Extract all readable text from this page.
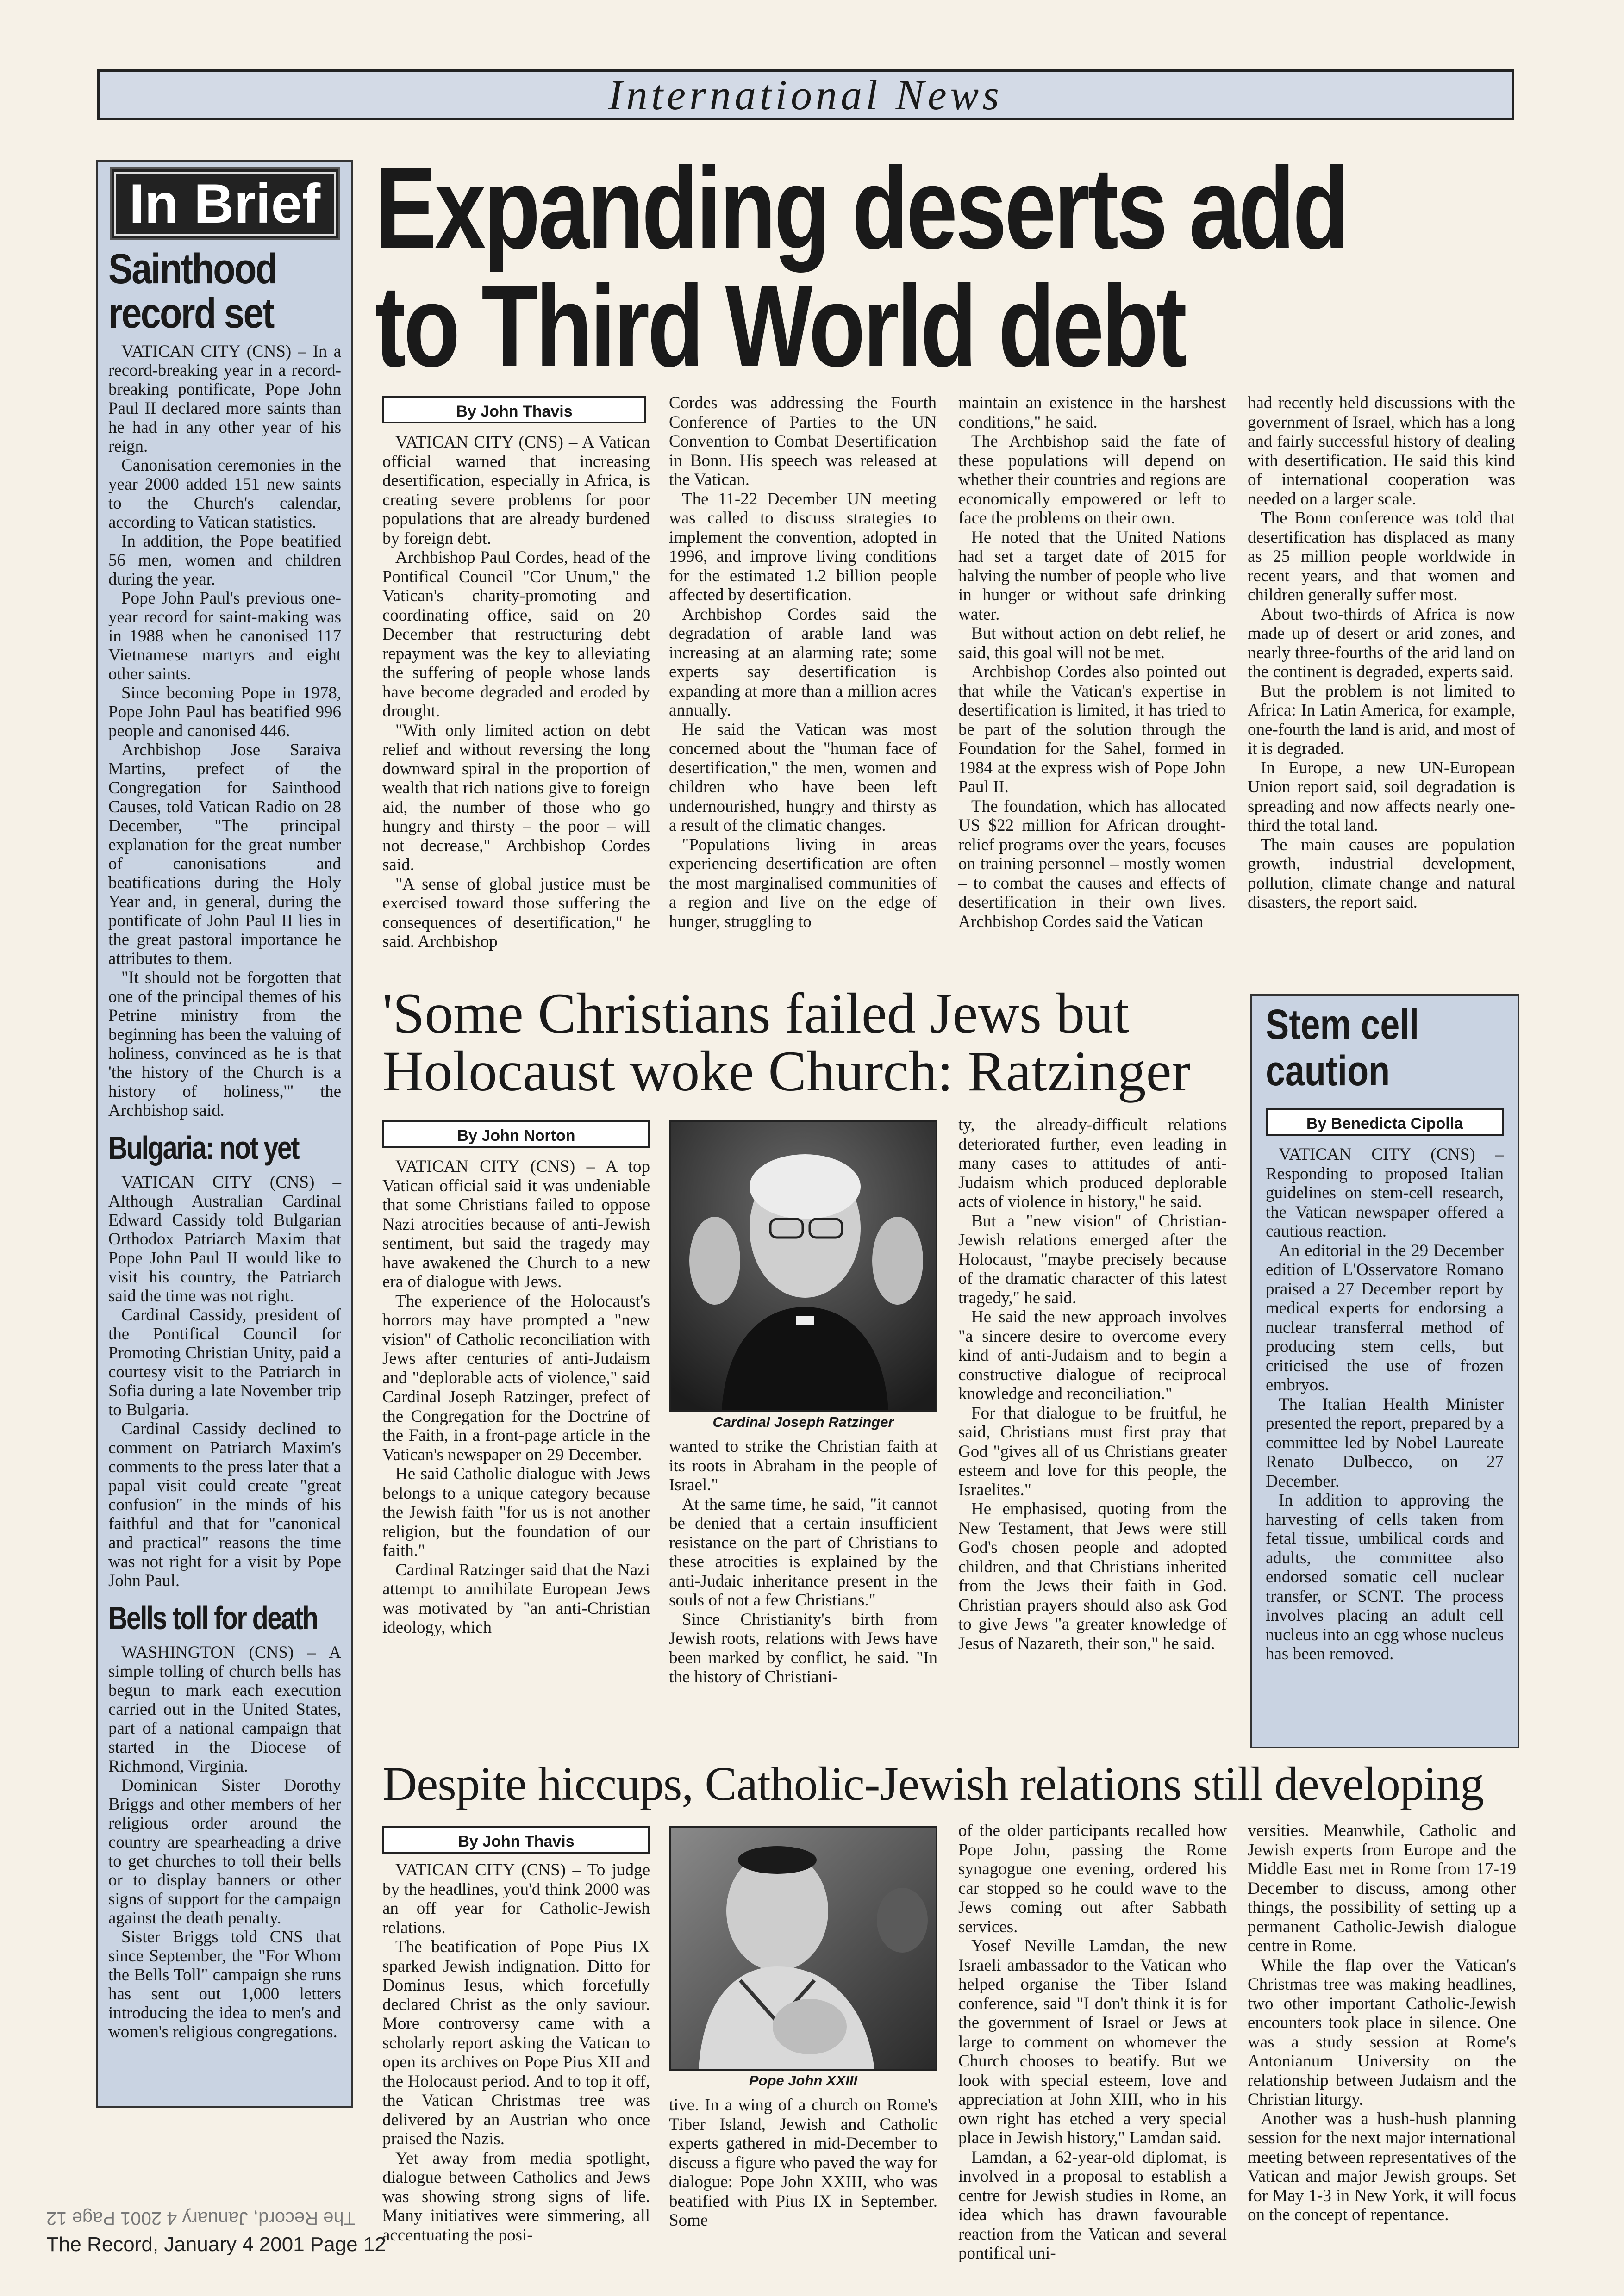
International News
In Brief
Sainthood
record set

VATICAN CITY (CNS) – In a record-breaking year in a record-breaking pontificate, Pope John Paul II declared more saints than he had in any other year of his reign.

Canonisation ceremonies in the year 2000 added 151 new saints to the Church's calendar, according to Vatican statistics.

In addition, the Pope beatified 56 men, women and children during the year.

Pope John Paul's previous one-year record for saint-making was in 1988 when he canonised 117 Vietnamese martyrs and eight other saints.

Since becoming Pope in 1978, Pope John Paul has beatified 996 people and canonised 446.

Archbishop Jose Saraiva Martins, prefect of the Congregation for Sainthood Causes, told Vatican Radio on 28 December, "The principal explanation for the great number of canonisations and beatifications during the Holy Year and, in general, during the pontificate of John Paul II lies in the great pastoral importance he attributes to them.

"It should not be forgotten that one of the principal themes of his Petrine ministry from the beginning has been the valuing of holiness, convinced as he is that 'the history of the Church is a history of holiness,'" the Archbishop said.

Bulgaria: not yet

VATICAN CITY (CNS) – Although Australian Cardinal Edward Cassidy told Bulgarian Orthodox Patriarch Maxim that Pope John Paul II would like to visit his country, the Patriarch said the time was not right.

Cardinal Cassidy, president of the Pontifical Council for Promoting Christian Unity, paid a courtesy visit to the Patriarch in Sofia during a late November trip to Bulgaria.

Cardinal Cassidy declined to comment on Patriarch Maxim's comments to the press later that a papal visit could create "great confusion" in the minds of his faithful and that for "canonical and practical" reasons the time was not right for a visit by Pope John Paul.

Bells toll for death

WASHINGTON (CNS) – A simple tolling of church bells has begun to mark each execution carried out in the United States, part of a national campaign that started in the Diocese of Richmond, Virginia.

Dominican Sister Dorothy Briggs and other members of her religious order around the country are spearheading a drive to get churches to toll their bells or to display banners or other signs of support for the campaign against the death penalty.

Sister Briggs told CNS that since September, the "For Whom the Bells Toll" campaign she runs has sent out 1,000 letters introducing the idea to men's and women's religious congregations.

Expanding deserts add
to Third World debt
By John Thavis

VATICAN CITY (CNS) – A Vatican official warned that increasing desertification, especially in Africa, is creating severe problems for poor populations that are already burdened by foreign debt.

Archbishop Paul Cordes, head of the Pontifical Council "Cor Unum," the Vatican's charity-promoting and coordinating office, said on 20 December that restructuring debt repayment was the key to alleviating the suffering of people whose lands have become degraded and eroded by drought.

"With only limited action on debt relief and without reversing the long downward spiral in the proportion of wealth that rich nations give to foreign aid, the number of those who go hungry and thirsty – the poor – will not decrease," Archbishop Cordes said.

"A sense of global justice must be exercised toward those suffering the consequences of desertification," he said. Archbishop

Cordes was addressing the Fourth Conference of Parties to the UN Convention to Combat Desertification in Bonn. His speech was released at the Vatican.

The 11-22 December UN meeting was called to discuss strategies to implement the convention, adopted in 1996, and improve living conditions for the estimated 1.2 billion people affected by desertification.

Archbishop Cordes said the degradation of arable land was increasing at an alarming rate; some experts say desertification is expanding at more than a million acres annually.

He said the Vatican was most concerned about the "human face of desertification," the men, women and children who have been left undernourished, hungry and thirsty as a result of the climatic changes.

"Populations living in areas experiencing desertification are often the most marginalised communities of a region and live on the edge of hunger, struggling to

maintain an existence in the harshest conditions," he said.

The Archbishop said the fate of these populations will depend on whether their countries and regions are economically empowered or left to face the problems on their own.

He noted that the United Nations had set a target date of 2015 for halving the number of people who live in hunger or without safe drinking water.

But without action on debt relief, he said, this goal will not be met.

Archbishop Cordes also pointed out that while the Vatican's expertise in desertification is limited, it has tried to be part of the solution through the Foundation for the Sahel, formed in 1984 at the express wish of Pope John Paul II.

The foundation, which has allocated US $22 million for African drought-relief programs over the years, focuses on training personnel – mostly women – to combat the causes and effects of desertification in their own lives. Archbishop Cordes said the Vatican

had recently held discussions with the government of Israel, which has a long and fairly successful history of dealing with desertification. He said this kind of international cooperation was needed on a larger scale.

The Bonn conference was told that desertification has displaced as many as 25 million people worldwide in recent years, and that women and children generally suffer most.

About two-thirds of Africa is now made up of desert or arid zones, and nearly three-fourths of the arid land on the continent is degraded, experts said.

But the problem is not limited to Africa: In Latin America, for example, one-fourth the land is arid, and most of it is degraded.

In Europe, a new UN-European Union report said, soil degradation is spreading and now affects nearly one-third the total land.

The main causes are population growth, industrial development, pollution, climate change and natural disasters, the report said.

'Some Christians failed Jews but
Holocaust woke Church: Ratzinger
By John Norton

VATICAN CITY (CNS) – A top Vatican official said it was undeniable that some Christians failed to oppose Nazi atrocities because of anti-Jewish sentiment, but said the tragedy may have awakened the Church to a new era of dialogue with Jews.

The experience of the Holocaust's horrors may have prompted a "new vision" of Catholic reconciliation with Jews after centuries of anti-Judaism and "deplorable acts of violence," said Cardinal Joseph Ratzinger, prefect of the Congregation for the Doctrine of the Faith, in a front-page article in the Vatican's newspaper on 29 December.

He said Catholic dialogue with Jews belongs to a unique category because the Jewish faith "for us is not another religion, but the foundation of our faith."

Cardinal Ratzinger said that the Nazi attempt to annihilate European Jews was motivated by "an anti-Christian ideology, which

Cardinal Joseph Ratzinger

wanted to strike the Christian faith at its roots in Abraham in the people of Israel."

At the same time, he said, "it cannot be denied that a certain insufficient resistance on the part of Christians to these atrocities is explained by the anti-Judaic inheritance present in the souls of not a few Christians."

Since Christianity's birth from Jewish roots, relations with Jews have been marked by conflict, he said. "In the history of Christiani-

ty, the already-difficult relations deteriorated further, even leading in many cases to attitudes of anti-Judaism which produced deplorable acts of violence in history," he said.

But a "new vision" of Christian-Jewish relations emerged after the Holocaust, "maybe precisely because of the dramatic character of this latest tragedy," he said.

He said the new approach involves "a sincere desire to overcome every kind of anti-Judaism and to begin a constructive dialogue of reciprocal knowledge and reconciliation."

For that dialogue to be fruitful, he said, Christians must first pray that God "gives all of us Christians greater esteem and love for this people, the Israelites."

He emphasised, quoting from the New Testament, that Jews were still God's chosen people and adopted children, and that Christians inherited from the Jews their faith in God. Christian prayers should also ask God to give Jews "a greater knowledge of Jesus of Nazareth, their son," he said.

Stem cell
caution
By Benedicta Cipolla

VATICAN CITY (CNS) – Responding to proposed Italian guidelines on stem-cell research, the Vatican newspaper offered a cautious reaction.

An editorial in the 29 December edition of L'Osservatore Romano praised a 27 December report by medical experts for endorsing a nuclear transferral method of producing stem cells, but criticised the use of frozen embryos.

The Italian Health Minister presented the report, prepared by a committee led by Nobel Laureate Renato Dulbecco, on 27 December.

In addition to approving the harvesting of cells taken from fetal tissue, umbilical cords and adults, the committee also endorsed somatic cell nuclear transfer, or SCNT. The process involves placing an adult cell nucleus into an egg whose nucleus has been removed.

Despite hiccups, Catholic-Jewish relations still developing
By John Thavis

VATICAN CITY (CNS) – To judge by the headlines, you'd think 2000 was an off year for Catholic-Jewish relations.

The beatification of Pope Pius IX sparked Jewish indignation. Ditto for Dominus Iesus, which forcefully declared Christ as the only saviour. More controversy came with a scholarly report asking the Vatican to open its archives on Pope Pius XII and the Holocaust period. And to top it off, the Vatican Christmas tree was delivered by an Austrian who once praised the Nazis.

Yet away from media spotlight, dialogue between Catholics and Jews was showing strong signs of life. Many initiatives were simmering, all accentuating the posi-

Pope John XXIII

tive. In a wing of a church on Rome's Tiber Island, Jewish and Catholic experts gathered in mid-December to discuss a figure who paved the way for dialogue: Pope John XXIII, who was beatified with Pius IX in September. Some

of the older participants recalled how Pope John, passing the Rome synagogue one evening, ordered his car stopped so he could wave to the Jews coming out after Sabbath services.

Yosef Neville Lamdan, the new Israeli ambassador to the Vatican who helped organise the Tiber Island conference, said "I don't think it is for the government of Israel or Jews at large to comment on whomever the Church chooses to beatify. But we look with special esteem, love and appreciation at John XIII, who in his own right has etched a very special place in Jewish history," Lamdan said.

Lamdan, a 62-year-old diplomat, is involved in a proposal to establish a centre for Jewish studies in Rome, an idea which has drawn favourable reaction from the Vatican and several pontifical uni-

versities. Meanwhile, Catholic and Jewish experts from Europe and the Middle East met in Rome from 17-19 December to discuss, among other things, the possibility of setting up a permanent Catholic-Jewish dialogue centre in Rome.

While the flap over the Vatican's Christmas tree was making headlines, two other important Catholic-Jewish encounters took place in silence. One was a study session at Rome's Antonianum University on the relationship between Judaism and the Christian liturgy.

Another was a hush-hush planning session for the next major international meeting between representatives of the Vatican and major Jewish groups. Set for May 1-3 in New York, it will focus on the concept of repentance.

The Record, January 4 2001 Page 12
The Record, January 4 2001 Page 12
